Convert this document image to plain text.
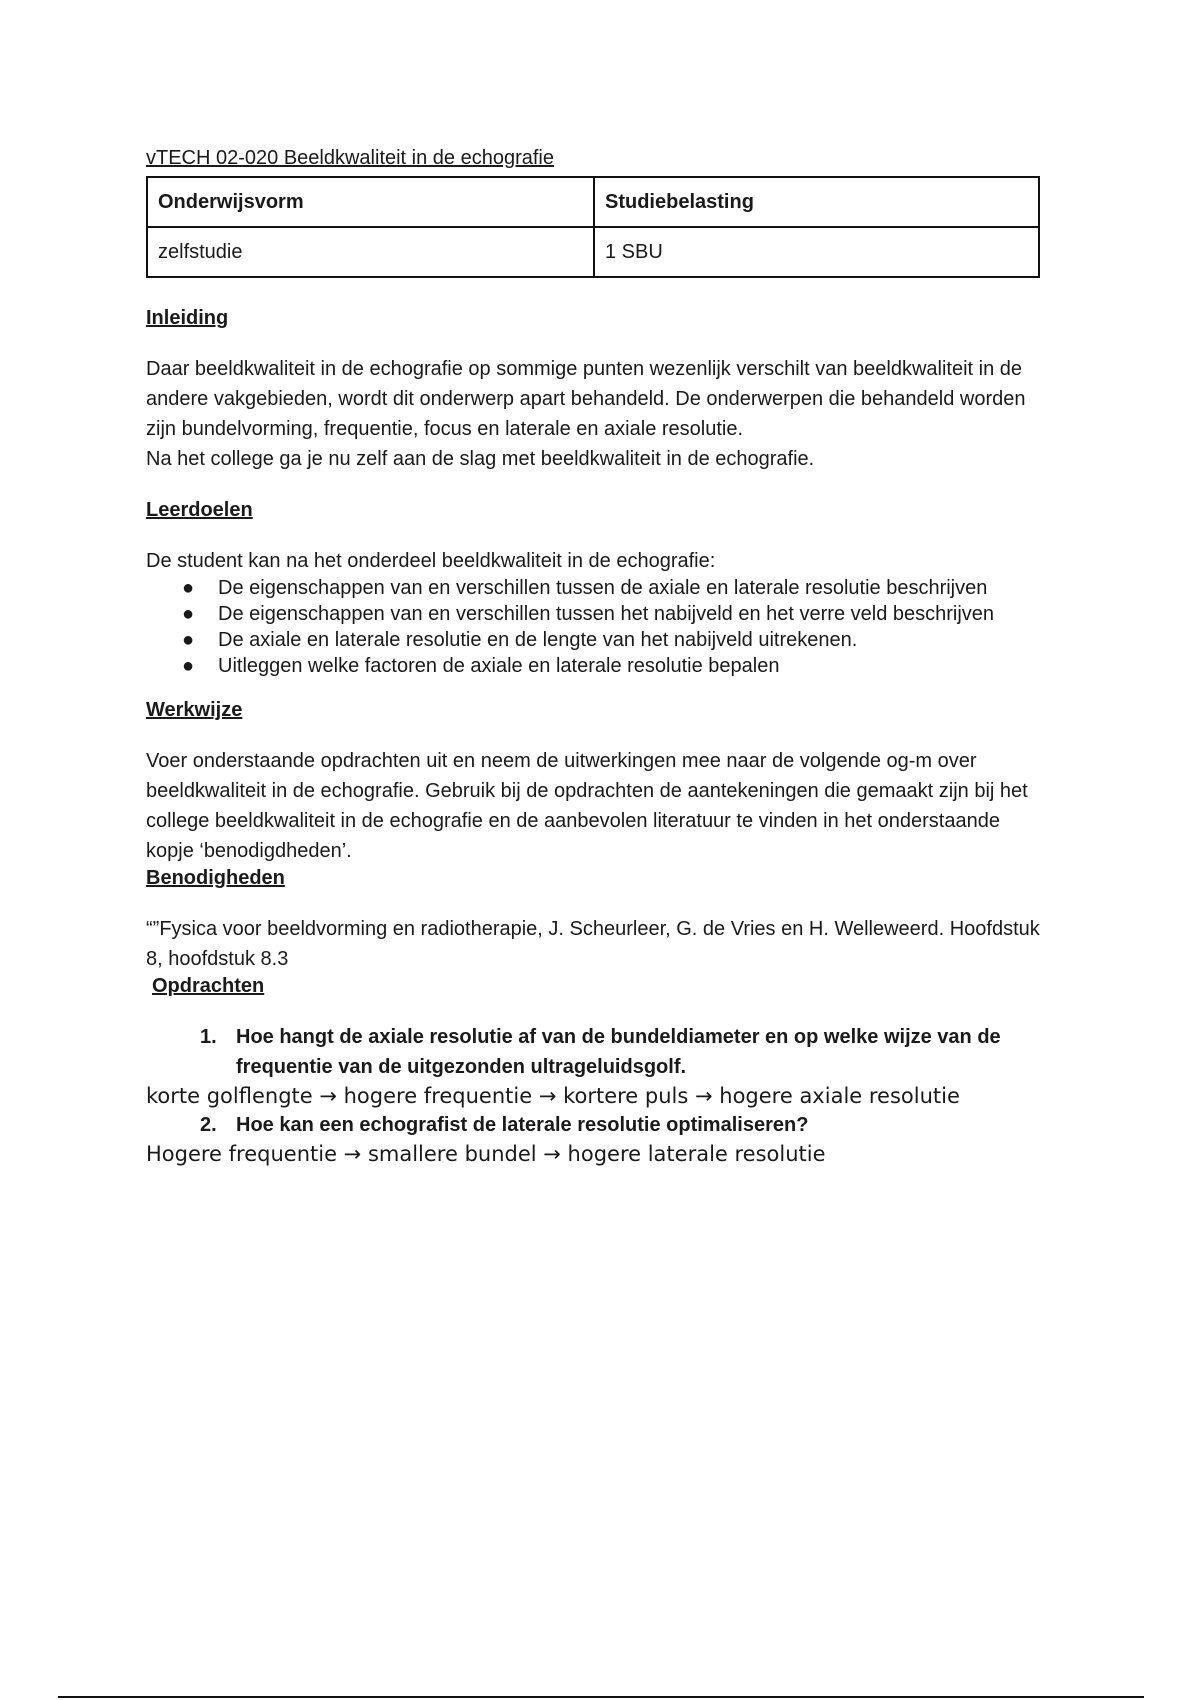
vTECH 02-020 Beeldkwaliteit in de echografie

Onderwijsvorm	Studiebelasting
zelfstudie	1 SBU

Inleiding

Daar beeldkwaliteit in de echografie op sommige punten wezenlijk verschilt van beeldkwaliteit in de andere vakgebieden, wordt dit onderwerp apart behandeld. De onderwerpen die behandeld worden zijn bundelvorming, frequentie, focus en laterale en axiale resolutie.

Na het college ga je nu zelf aan de slag met beeldkwaliteit in de echografie.

Leerdoelen

De student kan na het onderdeel beeldkwaliteit in de echografie:

● De eigenschappen van en verschillen tussen de axiale en laterale resolutie beschrijven
● De eigenschappen van en verschillen tussen het nabijveld en het verre veld beschrijven
● De axiale en laterale resolutie en de lengte van het nabijveld uitrekenen.
● Uitleggen welke factoren de axiale en laterale resolutie bepalen

Werkwijze

Voer onderstaande opdrachten uit en neem de uitwerkingen mee naar de volgende og-m over beeldkwaliteit in de echografie. Gebruik bij de opdrachten de aantekeningen die gemaakt zijn bij het college beeldkwaliteit in de echografie en de aanbevolen literatuur te vinden in het onderstaande kopje ‘benodigdheden’.

Benodigheden

“”Fysica voor beeldvorming en radiotherapie, J. Scheurleer, G. de Vries en H. Welleweerd. Hoofdstuk 8, hoofdstuk 8.3

Opdrachten

1. Hoe hangt de axiale resolutie af van de bundeldiameter en op welke wijze van de frequentie van de uitgezonden ultrageluidsgolf.

korte golflengte → hogere frequentie → kortere puls → hogere axiale resolutie

2. Hoe kan een echografist de laterale resolutie optimaliseren?

Hogere frequentie → smallere bundel → hogere laterale resolutie
